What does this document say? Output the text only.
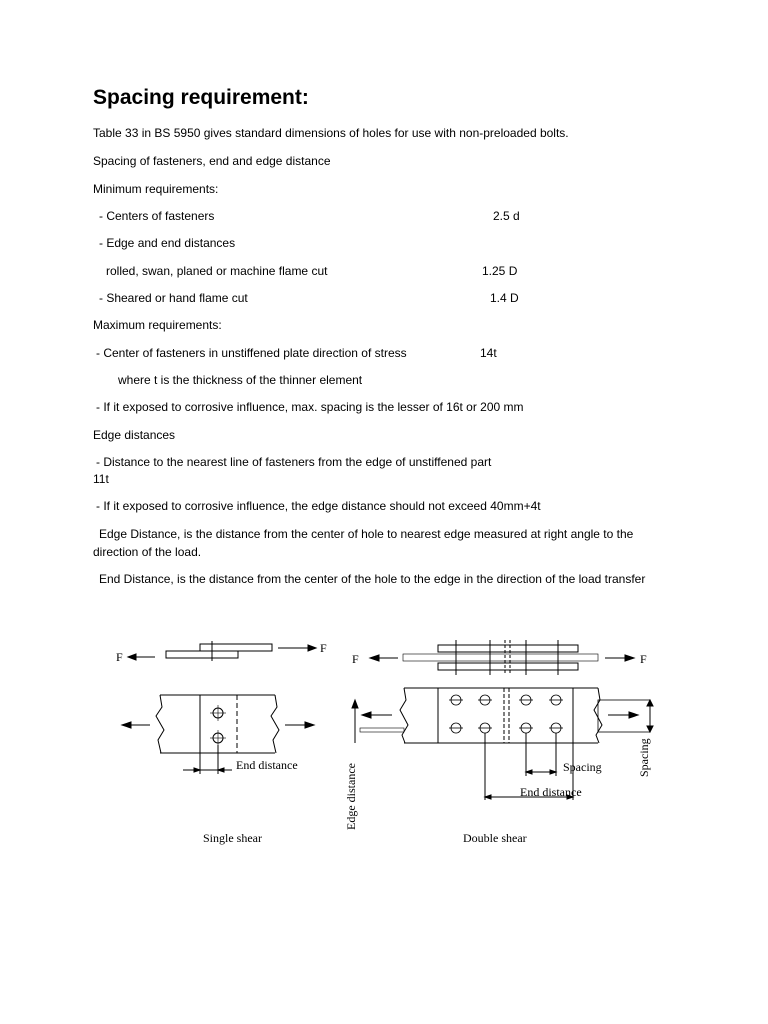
Spacing requirement:
Table 33 in BS 5950 gives standard dimensions of holes for use with non-preloaded bolts.
Spacing of fasteners, end and edge distance
Minimum requirements:
- Centers of fasteners	2.5 d
- Edge and end distances
rolled, swan, planed or machine flame cut	1.25 D
- Sheared or hand flame cut	1.4 D
Maximum requirements:
- Center of fasteners in unstiffened plate direction of stress	14t
where t is the thickness of the thinner element
- If it exposed to corrosive influence, max. spacing is the lesser of 16t or 200 mm
Edge distances
- Distance to the nearest line of fasteners from the edge of unstiffened part
11t
- If it exposed to corrosive influence, the edge distance should not exceed 40mm+4t
Edge Distance, is the distance from the center of hole to nearest edge measured at right angle to the direction of the load.
End Distance, is the distance from the center of the hole to the edge in the direction of the load transfer
F
F
End distance
Single shear
F	F
Spacing
End distance
Double shear
Edge distance
Spacing
